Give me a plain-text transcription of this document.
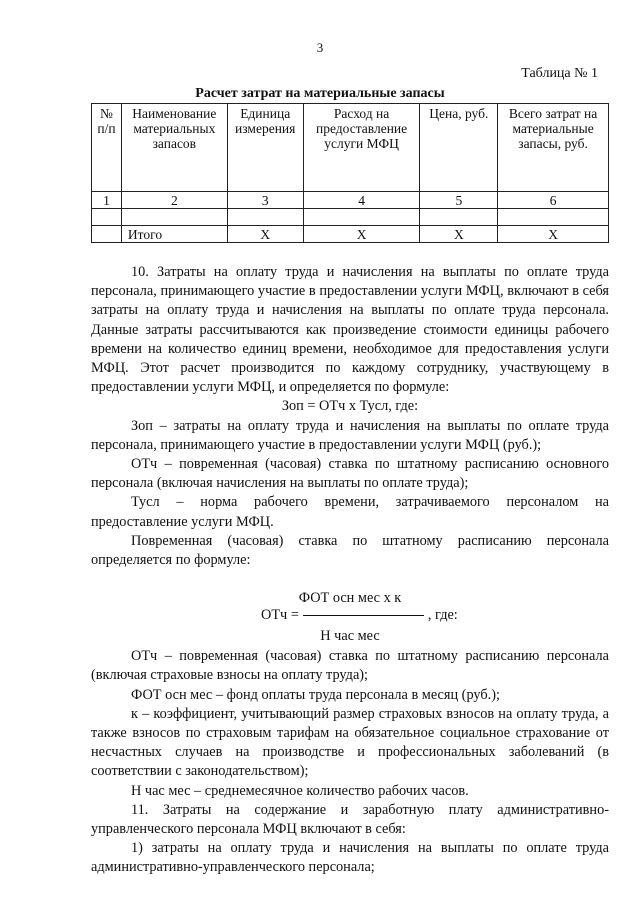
3
Таблица № 1
Расчет затрат на материальные запасы
№ п/п	Наименование материальных запасов	Единица измерения	Расход на предоставление услуги МФЦ	Цена, руб.	Всего затрат на материальные запасы, руб.
1	2	3	4	5	6

	Итого	Х	Х	Х	Х

10. Затраты на оплату труда и начисления на выплаты по оплате труда персонала, принимающего участие в предоставлении услуги МФЦ, включают в себя затраты на оплату труда и начисления на выплаты по оплате труда персонала. Данные затраты рассчитываются как произведение стоимости единицы рабочего времени на количество единиц времени, необходимое для предоставления услуги МФЦ. Этот расчет производится по каждому сотруднику, участвующему в предоставлении услуги МФЦ, и определяется по формуле:

Зоп = ОТч х Тусл, где:

Зоп – затраты на оплату труда и начисления на выплаты по оплате труда персонала, принимающего участие в предоставлении услуги МФЦ (руб.);

ОТч – повременная (часовая) ставка по штатному расписанию основного персонала (включая начисления на выплаты по оплате труда);

Тусл – норма рабочего времени, затрачиваемого персоналом на предоставление услуги МФЦ.

Повременная (часовая) ставка по штатному расписанию персонала определяется по формуле:

ФОТ осн мес х к
ОТч =	, где:
Н час мес

ОТч – повременная (часовая) ставка по штатному расписанию персонала (включая страховые взносы на оплату труда);

ФОТ осн мес – фонд оплаты труда персонала в месяц (руб.);

к – коэффициент, учитывающий размер страховых взносов на оплату труда, а также взносов по страховым тарифам на обязательное социальное страхование от несчастных случаев на производстве и профессиональных заболеваний (в соответствии с законодательством);

Н час мес – среднемесячное количество рабочих часов.

11. Затраты на содержание и заработную плату административно-управленческого персонала МФЦ включают в себя:

1) затраты на оплату труда и начисления на выплаты по оплате труда административно-управленческого персонала;
